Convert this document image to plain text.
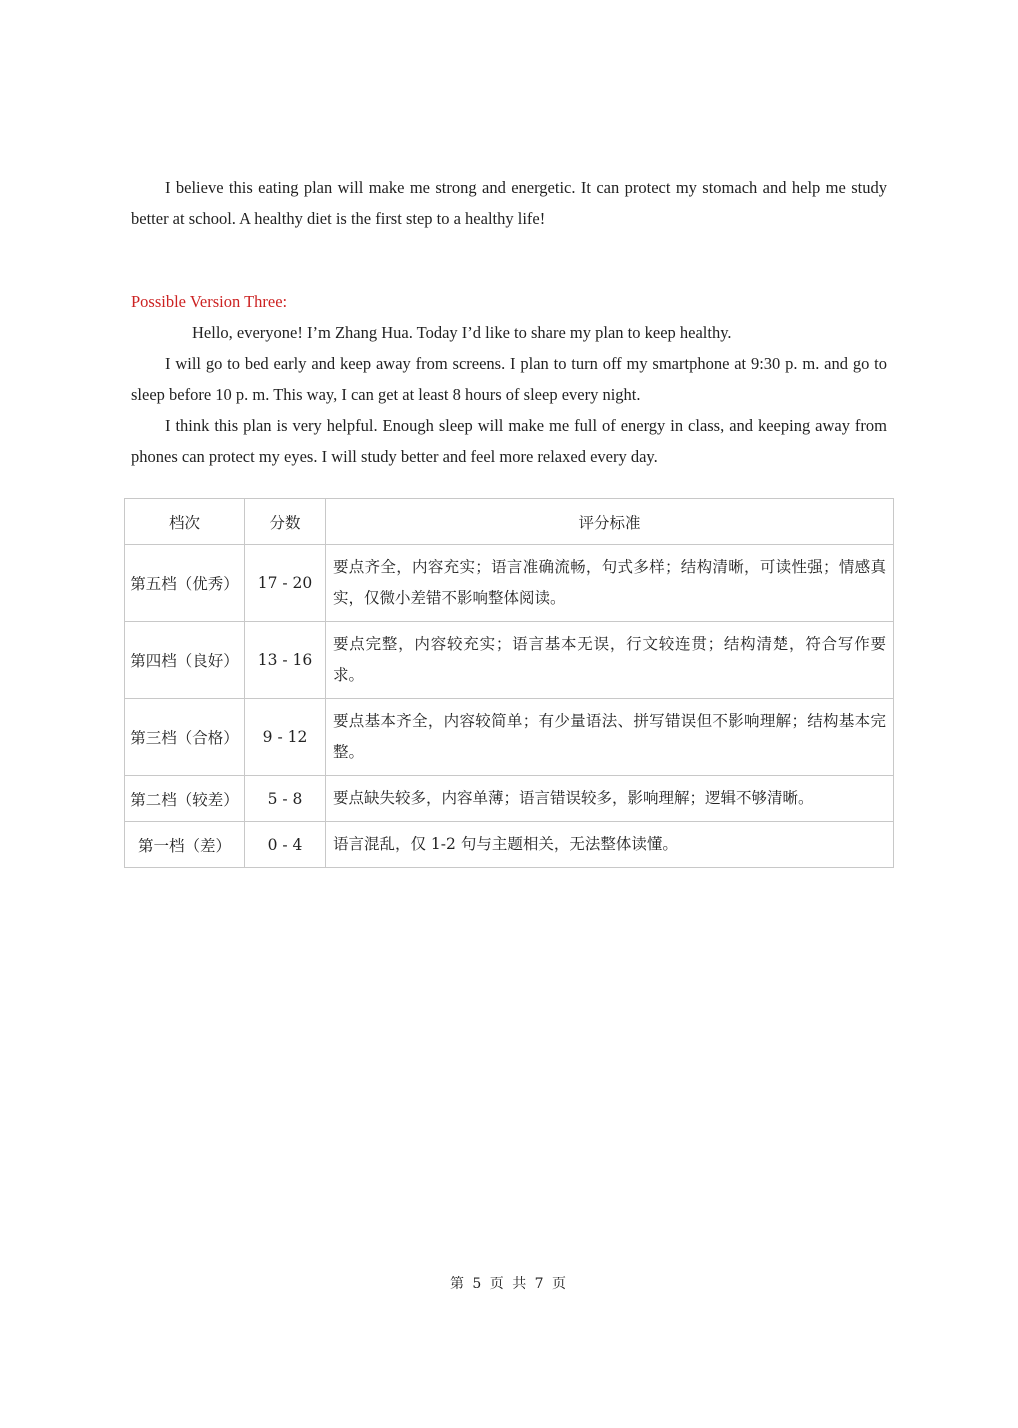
I believe this eating plan will make me strong and energetic. It can protect my stomach and help me study better at school. A healthy diet is the first step to a healthy life!

Possible Version Three:

Hello, everyone! I’m Zhang Hua. Today I’d like to share my plan to keep healthy.

I will go to bed early and keep away from screens. I plan to turn off my smartphone at 9:30 p. m. and go to sleep before 10 p. m. This way, I can get at least 8 hours of sleep every night.

I think this plan is very helpful. Enough sleep will make me full of energy in class, and keeping away from phones can protect my eyes. I will study better and feel more relaxed every day.

档次	分数	评分标准
第五档（优秀）	17 - 20	要点齐全，内容充实；语言准确流畅，句式多样；结构清晰，可读性强；情感真实，仅微小差错不影响整体阅读。
第四档（良好）	13 - 16	要点完整，内容较充实；语言基本无误，行文较连贯；结构清楚，符合写作要求。
第三档（合格）	9 - 12	要点基本齐全，内容较简单；有少量语法、拼写错误但不影响理解；结构基本完整。
第二档（较差）	5 - 8	要点缺失较多，内容单薄；语言错误较多，影响理解；逻辑不够清晰。
第一档（差）	0 - 4	语言混乱，仅 1-2 句与主题相关，无法整体读懂。
第 5 页 共 7 页
